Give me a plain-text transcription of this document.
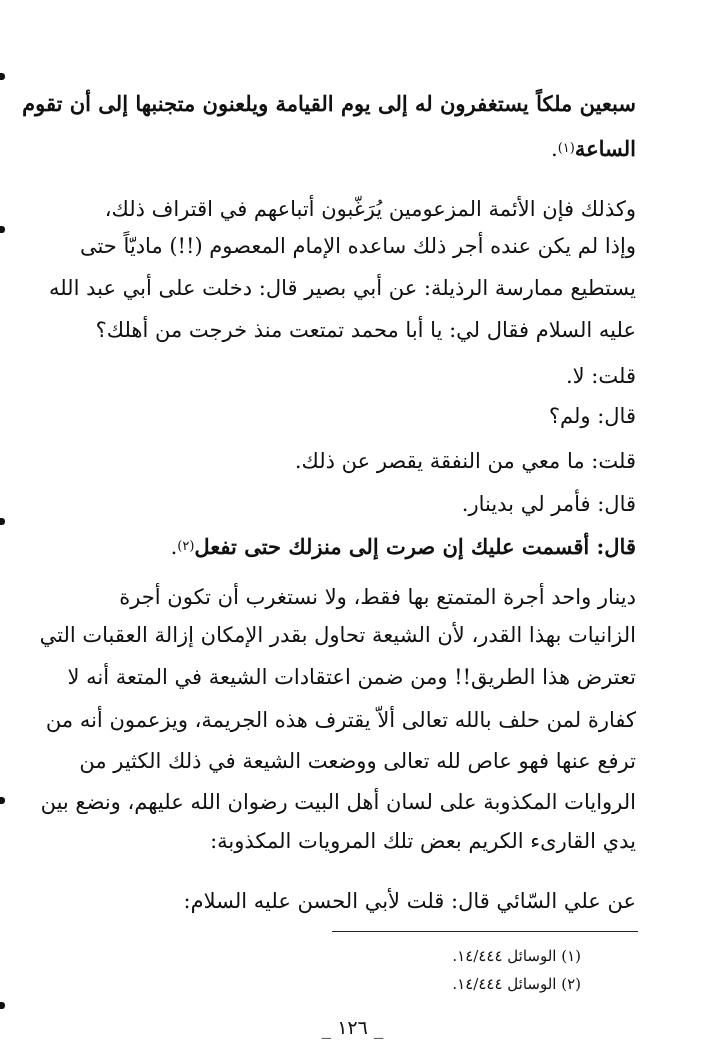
سبعين ملكاً يستغفرون له إلى يوم القيامة ويلعنون متجنبها إلى أن تقوم
الساعة(١).
وكذلك فإن الأئمة المزعومين يُرَغّبون أتباعهم في اقتراف ذلك،
وإذا لم يكن عنده أجر ذلك ساعده الإمام المعصوم (!!) ماديّاً حتى
يستطيع ممارسة الرذيلة: عن أبي بصير قال: دخلت على أبي عبد الله
عليه السلام فقال لي: يا أبا محمد تمتعت منذ خرجت من أهلك؟
قلت: لا.
قال: ولم؟
قلت: ما معي من النفقة يقصر عن ذلك.
قال: فأمر لي بدينار.
قال: أقسمت عليك إن صرت إلى منزلك حتى تفعل(٢).
دينار واحد أجرة المتمتع بها فقط، ولا نستغرب أن تكون أجرة
الزانيات بهذا القدر، لأن الشيعة تحاول بقدر الإمكان إزالة العقبات التي
تعترض هذا الطريق!! ومن ضمن اعتقادات الشيعة في المتعة أنه لا
كفارة لمن حلف بالله تعالى ألاّ يقترف هذه الجريمة، ويزعمون أنه من
ترفع عنها فهو عاص لله تعالى ووضعت الشيعة في ذلك الكثير من
الروايات المكذوبة على لسان أهل البيت رضوان الله عليهم، ونضع بين
يدي القارىء الكريم بعض تلك المرويات المكذوبة:
عن علي السّائي قال: قلت لأبي الحسن عليه السلام:
(١) الوسائل ١٤/٤٤٤.
(٢) الوسائل ١٤/٤٤٤.
_ ١٢٦ _
